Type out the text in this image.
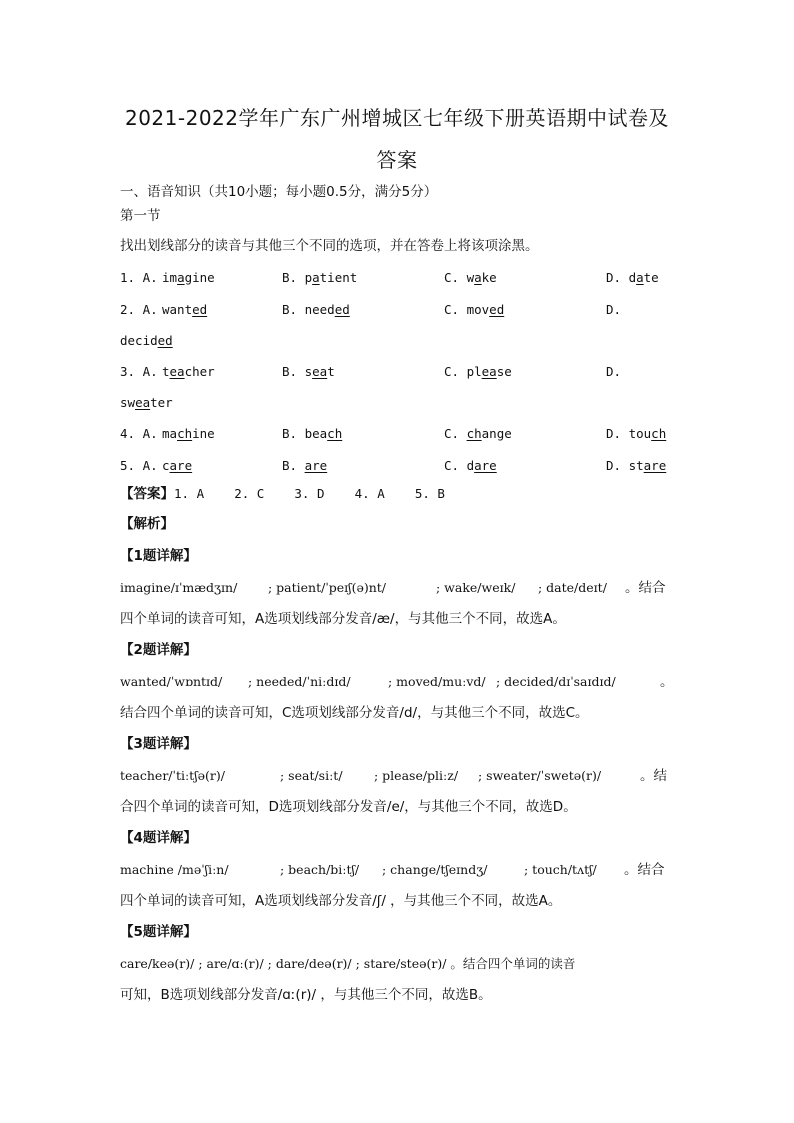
2021-2022学年广东广州增城区七年级下册英语期中试卷及
答案
一、语音知识（共10小题；每小题0.5分，满分5分）
第一节
找出划线部分的读音与其他三个不同的选项，并在答卷上将该项涂黑。
1. A. imagine	B. patient	C. wake	D. date
2. A. wanted	B. needed	C. moved	D.
decided
3. A. teacher	B. seat	C. please	D.
sweater
4. A. machine	B. beach	C. change	D. touch
5. A. care	B. are	C. dare	D. stare
【答案】1. A    2. C    3. D    4. A    5. B
【解析】
【1题详解】
imagine/ɪˈmædʒɪn/ ; patient/ˈpeɪʃ(ə)nt/	; wake/weɪk/ ; date/deɪt/ 。结合
四个单词的读音可知，A选项划线部分发音/æ/，与其他三个不同，故选A。
【2题详解】
wanted/ˈwɒntɪd/ ; needed/ˈniːdɪd/	; moved/muːvd/ ; decided/dɪˈsaɪdɪd/	。
结合四个单词的读音可知，C选项划线部分发音/d/，与其他三个不同，故选C。
【3题详解】
teacher/ˈtiːtʃə(r)/	; seat/siːt/	; please/pliːz/ ; sweater/ˈswetə(r)/	。结
合四个单词的读音可知，D选项划线部分发音/e/，与其他三个不同，故选D。
【4题详解】
machine /məˈʃiːn/	; beach/biːtʃ/ ; change/tʃeɪndʒ/	; touch/tʌtʃ/ 。结合
四个单词的读音可知，A选项划线部分发音/ʃ/ ，与其他三个不同，故选A。
【5题详解】
care/keə(r)/ ; are/ɑː(r)/ ; dare/deə(r)/ ; stare/steə(r)/ 。结合四个单词的读音
可知，B选项划线部分发音/ɑː(r)/ ，与其他三个不同，故选B。
